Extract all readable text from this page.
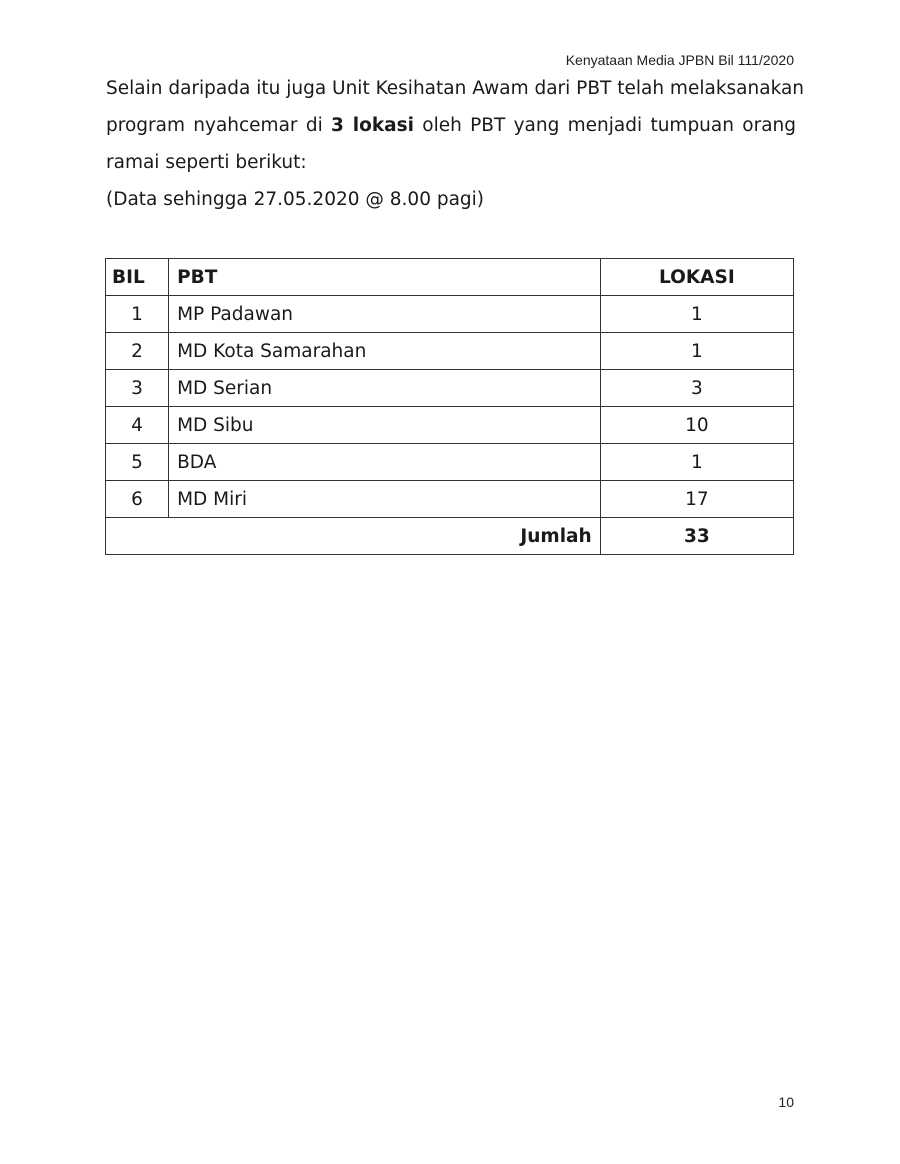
Kenyataan Media JPBN Bil 111/2020
Selain daripada itu juga Unit Kesihatan Awam dari PBT telah melaksanakan
program nyahcemar di 3 lokasi oleh PBT yang menjadi tumpuan orang
ramai seperti berikut:
(Data sehingga 27.05.2020 @ 8.00 pagi)
BIL	PBT	LOKASI
1	MP Padawan	1
2	MD Kota Samarahan	1
3	MD Serian	3
4	MD Sibu	10
5	BDA	1
6	MD Miri	17
Jumlah		33
10
